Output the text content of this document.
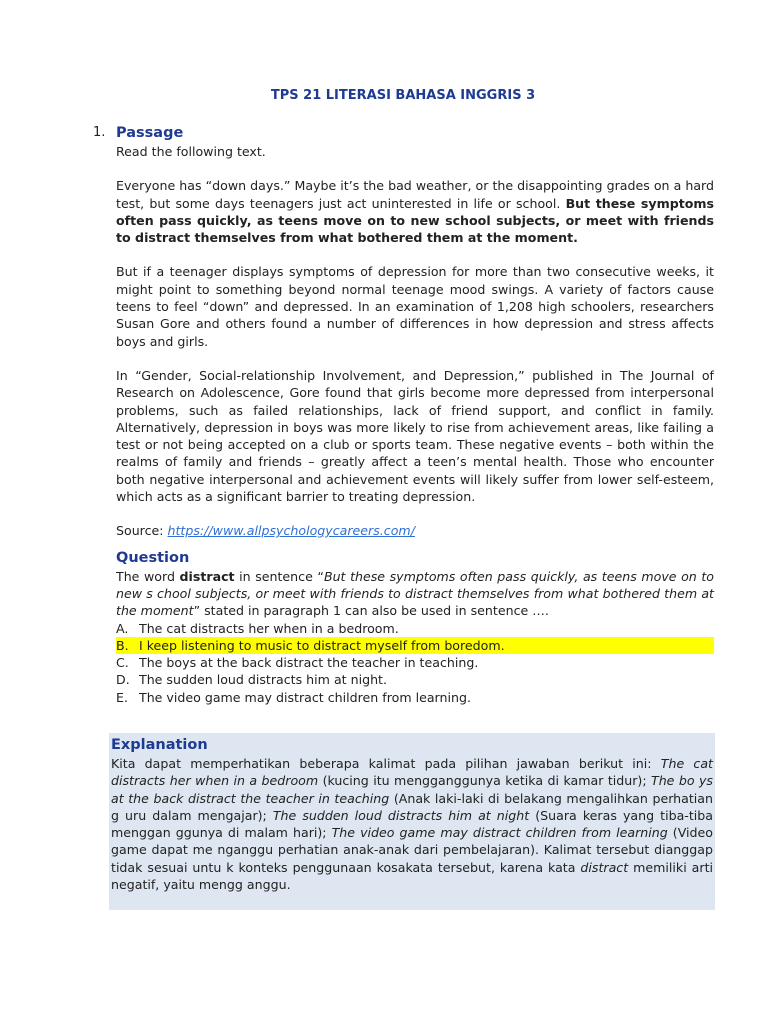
TPS 21 LITERASI BAHASA INGGRIS 3
1. Passage

Read the following text.

Everyone has “down days.” Maybe it’s the bad weather, or the disappointing grades on a hard test, but some days teenagers just act uninterested in life or school. But these symptoms often pass quickly, as teens move on to new school subjects, or meet with friends to distract themselves from what bothered them at the moment.

But if a teenager displays symptoms of depression for more than two consecutive weeks, it might point to something beyond normal teenage mood swings. A variety of factors cause teens to feel “down” and depressed. In an examination of 1,208 high schoolers, researchers Susan Gore and others found a number of differences in how depression and stress affects boys and girls.

In “Gender, Social-relationship Involvement, and Depression,” published in The Journal of Research on Adolescence, Gore found that girls become more depressed from interpersonal problems, such as failed relationships, lack of friend support, and conflict in family. Alternatively, depression in boys was more likely to rise from achievement areas, like failing a test or not being accepted on a club or sports team. These negative events – both within the realms of family and friends – greatly affect a teen’s mental health. Those who encounter both negative interpersonal and achievement events will likely suffer from lower self-esteem, which acts as a significant barrier to treating depression.

Source: https://www.allpsychologycareers.com/

Question

The word distract in sentence “But these symptoms often pass quickly, as teens move on to new s chool subjects, or meet with friends to distract themselves from what bothered them at the moment” stated in paragraph 1 can also be used in sentence ….

A. The cat distracts her when in a bedroom.
B. I keep listening to music to distract myself from boredom.
C. The boys at the back distract the teacher in teaching.
D. The sudden loud distracts him at night.
E. The video game may distract children from learning.
Explanation

Kita dapat memperhatikan beberapa kalimat pada pilihan jawaban berikut ini: The cat distracts her when in a bedroom (kucing itu mengganggunya ketika di kamar tidur); The bo ys at the back distract the teacher in teaching (Anak laki-laki di belakang mengalihkan perhatian g uru dalam mengajar); The sudden loud distracts him at night (Suara keras yang tiba-tiba menggan ggunya di malam hari); The video game may distract children from learning (Video game dapat me nganggu perhatian anak-anak dari pembelajaran). Kalimat tersebut dianggap tidak sesuai untu k konteks penggunaan kosakata tersebut, karena kata distract memiliki arti negatif, yaitu mengg anggu.
